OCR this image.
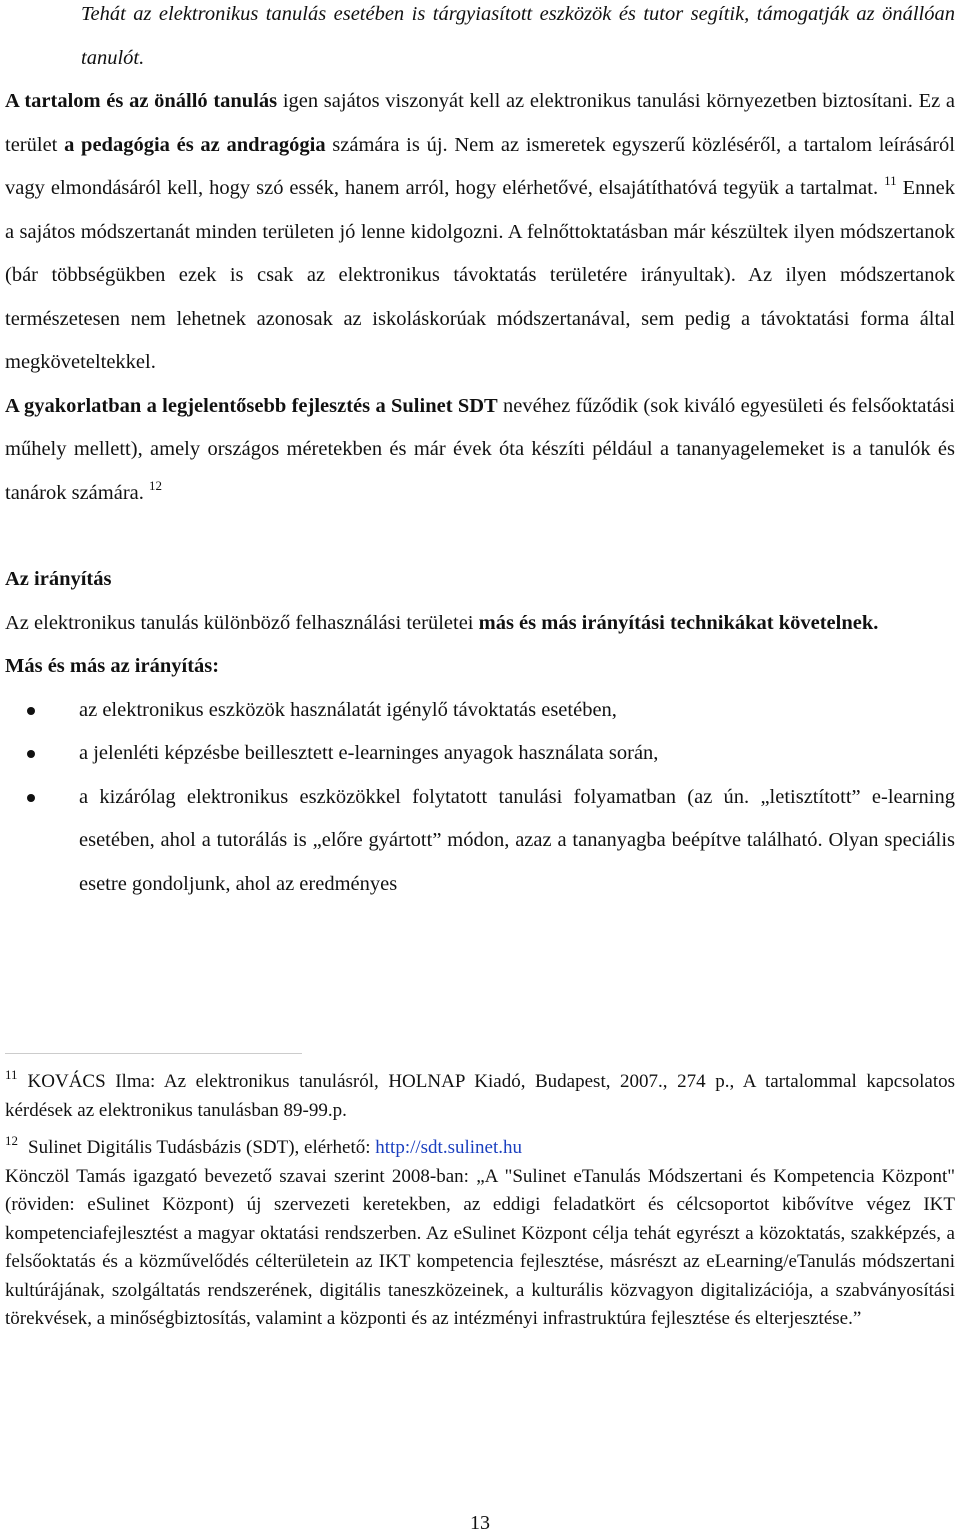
Tehát az elektronikus tanulás esetében is tárgyiasított eszközök és tutor segítik, támogatják az önállóan tanulót.

A tartalom és az önálló tanulás igen sajátos viszonyát kell az elektronikus tanulási környezetben biztosítani. Ez a terület a pedagógia és az andragógia számára is új. Nem az ismeretek egyszerű közléséről, a tartalom leírásáról vagy elmondásáról kell, hogy szó essék, hanem arról, hogy elérhetővé, elsajátíthatóvá tegyük a tartalmat. $^{11}$ Ennek a sajátos módszertanát minden területen jó lenne kidolgozni. A felnőttoktatásban már készültek ilyen módszertanok (bár többségükben ezek is csak az elektronikus távoktatás területére irányultak). Az ilyen módszertanok természetesen nem lehetnek azonosak az iskoláskorúak módszertanával, sem pedig a távoktatási forma által megköveteltekkel.

A gyakorlatban a legjelentősebb fejlesztés a Sulinet SDT nevéhez fűződik (sok kiváló egyesületi és felsőoktatási műhely mellett), amely országos méretekben és már évek óta készíti például a tananyagelemeket is a tanulók és tanárok számára. $^{12}$

Az irányítás

Az elektronikus tanulás különböző felhasználási területei más és más irányítási technikákat követelnek.

Más és más az irányítás:

az elektronikus eszközök használatát igénylő távoktatás esetében,
a jelenléti képzésbe beillesztett e-learninges anyagok használata során,
a kizárólag elektronikus eszközökkel folytatott tanulási folyamatban (az ún. „letisztított” e-learning esetében, ahol a tutorálás is „előre gyártott” módon, azaz a tananyagba beépítve található. Olyan speciális esetre gondoljunk, ahol az eredményes

$^{11}$ KOVÁCS Ilma: Az elektronikus tanulásról, HOLNAP Kiadó, Budapest, 2007., 274 p., A tartalommal kapcsolatos kérdések az elektronikus tanulásban 89-99.p.

$^{12}$ Sulinet Digitális Tudásbázis (SDT), elérhető: http://sdt.sulinet.hu

Könczöl Tamás igazgató bevezető szavai szerint 2008-ban: „A "Sulinet eTanulás Módszertani és Kompetencia Központ" (röviden: eSulinet Központ) új szervezeti keretekben, az eddigi feladatkört és célcsoportot kibővítve végez IKT kompetenciafejlesztést a magyar oktatási rendszerben. Az eSulinet Központ célja tehát egyrészt a közoktatás, szakképzés, a felsőoktatás és a közművelődés célterületein az IKT kompetencia fejlesztése, másrészt az eLearning/eTanulás módszertani kultúrájának, szolgáltatás rendszerének, digitális taneszközeinek, a kulturális közvagyon digitalizációja, a szabványosítási törekvések, a minőségbiztosítás, valamint a központi és az intézményi infrastruktúra fejlesztése és elterjesztése.”

13
